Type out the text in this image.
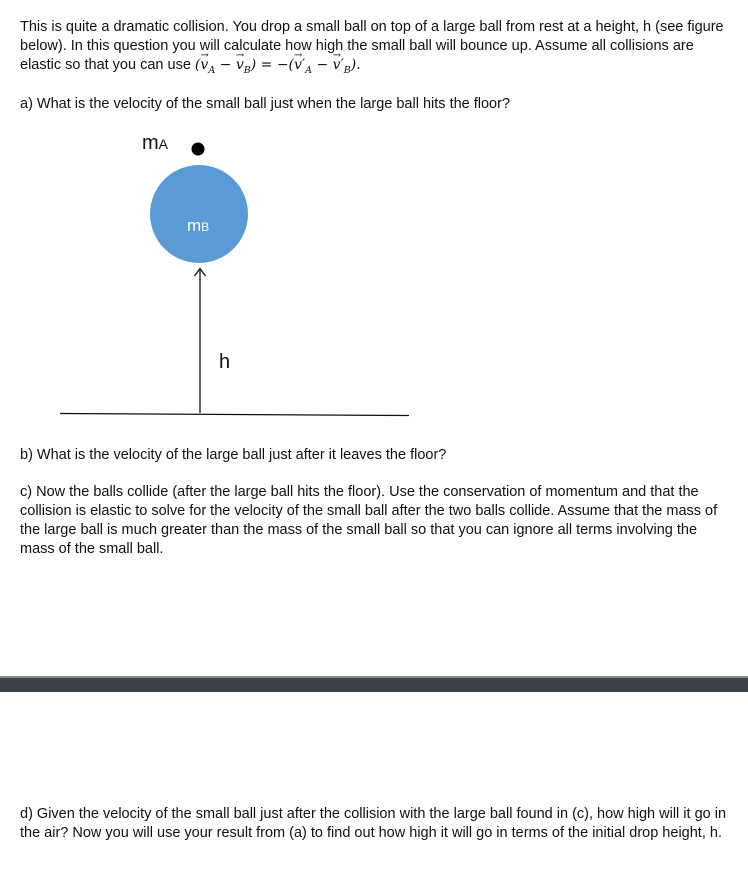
This is quite a dramatic collision. You drop a small ball on top of a large ball from rest at a height, h (see figure below). In this question you will calculate how high the small ball will bounce up. Assume all collisions are elastic so that you can use (→ $v_A$ − → $v_B$) = −(→ $v'_A$ − → $v'_B$).

a) What is the velocity of the small ball just when the large ball hits the floor?

mA
mB
h

b) What is the velocity of the large ball just after it leaves the floor?

c) Now the balls collide (after the large ball hits the floor). Use the conservation of momentum and that the collision is elastic to solve for the velocity of the small ball after the two balls collide. Assume that the mass of the large ball is much greater than the mass of the small ball so that you can ignore all terms involving the mass of the small ball.

d) Given the velocity of the small ball just after the collision with the large ball found in (c), how high will it go in the air? Now you will use your result from (a) to find out how high it will go in terms of the initial drop height, h.
